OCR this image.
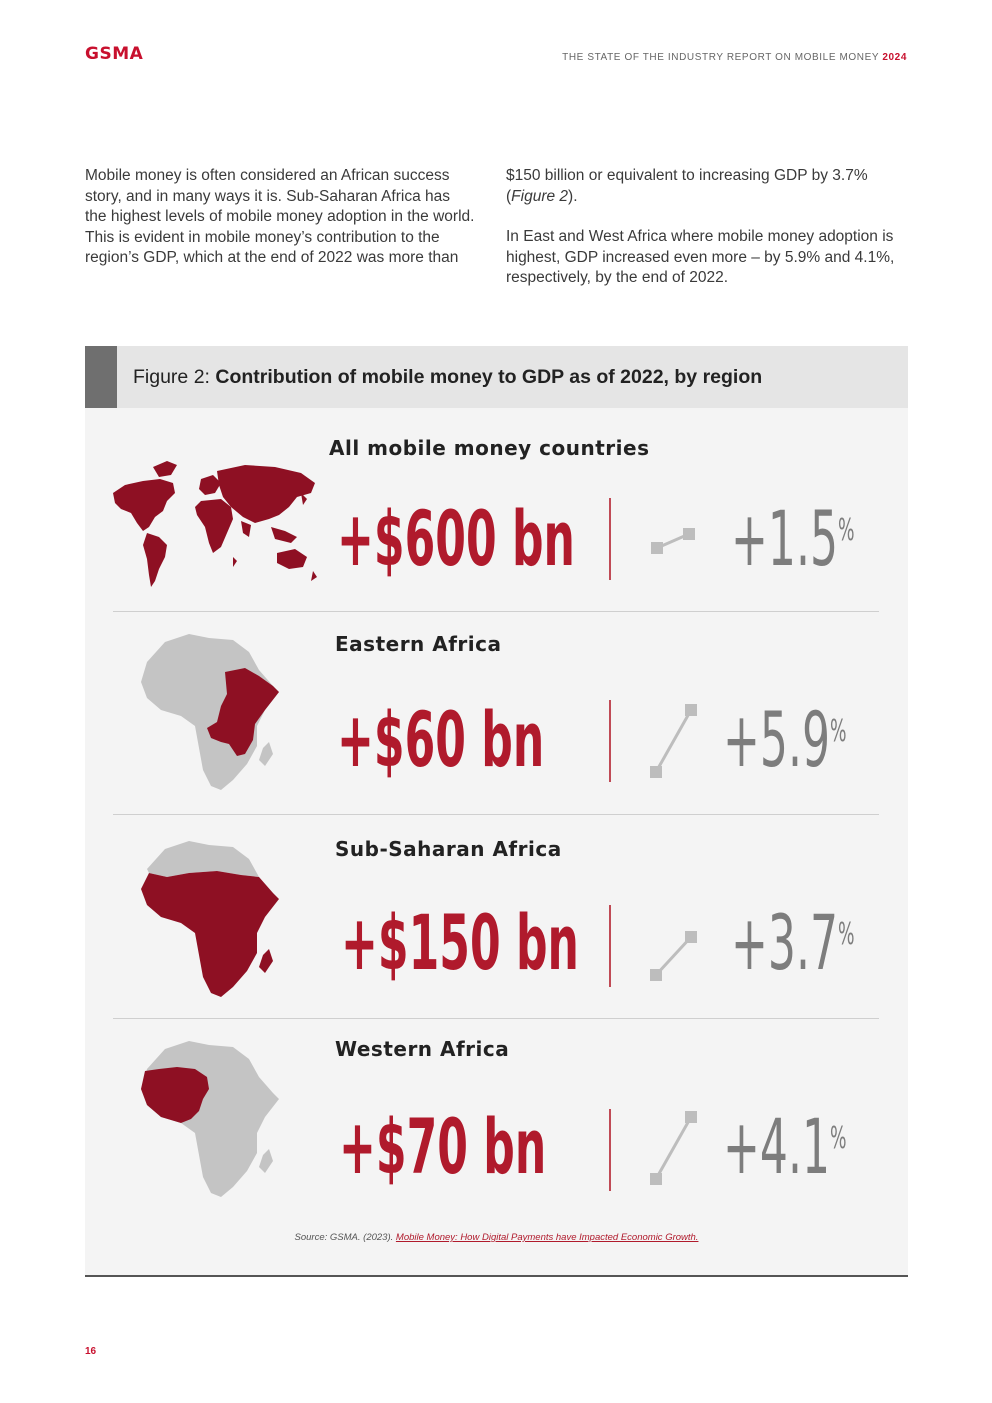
GSMA	THE STATE OF THE INDUSTRY REPORT ON MOBILE MONEY 2024

Mobile money is often considered an African success story, and in many ways it is. Sub-Saharan Africa has the highest levels of mobile money adoption in the world. This is evident in mobile money’s contribution to the region’s GDP, which at the end of 2022 was more than

$150 billion or equivalent to increasing GDP by 3.7% (Figure 2).

In East and West Africa where mobile money adoption is highest, GDP increased even more – by 5.9% and 4.1%, respectively, by the end of 2022.

Figure 2: Contribution of mobile money to GDP as of 2022, by region
All mobile money countries
+$600 bn +1.5%
Eastern Africa
+$60 bn +5.9%
Sub-Saharan Africa
+$150 bn +3.7%
Western Africa
+$70 bn +4.1%
Source: GSMA. (2023). Mobile Money: How Digital Payments have Impacted Economic Growth.
16
